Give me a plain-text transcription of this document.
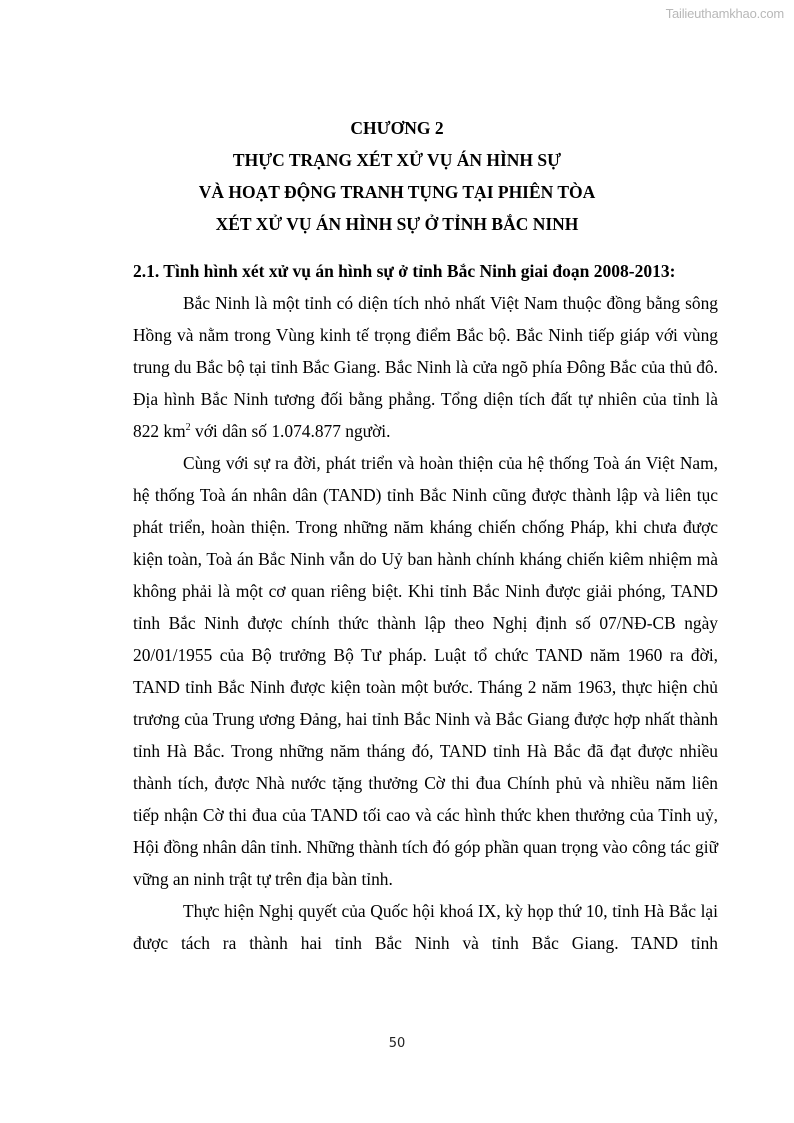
Tailieuthamkhao.com
CHƯƠNG 2
THỰC TRẠNG XÉT XỬ VỤ ÁN HÌNH SỰ
VÀ HOẠT ĐỘNG TRANH TỤNG TẠI PHIÊN TÒA
XÉT XỬ VỤ ÁN HÌNH SỰ Ở TỈNH BẮC NINH
2.1. Tình hình xét xử vụ án hình sự ở tỉnh Bắc Ninh giai đoạn 2008-2013:

Bắc Ninh là một tỉnh có diện tích nhỏ nhất Việt Nam thuộc đồng bằng sông Hồng và nằm trong Vùng kinh tế trọng điểm Bắc bộ. Bắc Ninh tiếp giáp với vùng trung du Bắc bộ tại tỉnh Bắc Giang. Bắc Ninh là cửa ngõ phía Đông Bắc của thủ đô. Địa hình Bắc Ninh tương đối bằng phẳng. Tổng diện tích đất tự nhiên của tỉnh là 822 $km^2$ với dân số 1.074.877 người.

Cùng với sự ra đời, phát triển và hoàn thiện của hệ thống Toà án Việt Nam, hệ thống Toà án nhân dân (TAND) tỉnh Bắc Ninh cũng được thành lập và liên tục phát triển, hoàn thiện. Trong những năm kháng chiến chống Pháp, khi chưa được kiện toàn, Toà án Bắc Ninh vẫn do Uỷ ban hành chính kháng chiến kiêm nhiệm mà không phải là một cơ quan riêng biệt. Khi tỉnh Bắc Ninh được giải phóng, TAND tỉnh Bắc Ninh được chính thức thành lập theo Nghị định số 07/NĐ-CB ngày 20/01/1955 của Bộ trưởng Bộ Tư pháp. Luật tổ chức TAND năm 1960 ra đời, TAND tỉnh Bắc Ninh được kiện toàn một bước. Tháng 2 năm 1963, thực hiện chủ trương của Trung ương Đảng, hai tỉnh Bắc Ninh và Bắc Giang được hợp nhất thành tỉnh Hà Bắc. Trong những năm tháng đó, TAND tỉnh Hà Bắc đã đạt được nhiều thành tích, được Nhà nước tặng thưởng Cờ thi đua Chính phủ và nhiều năm liên tiếp nhận Cờ thi đua của TAND tối cao và các hình thức khen thưởng của Tỉnh uỷ, Hội đồng nhân dân tỉnh. Những thành tích đó góp phần quan trọng vào công tác giữ vững an ninh trật tự trên địa bàn tỉnh.

Thực hiện Nghị quyết của Quốc hội khoá IX, kỳ họp thứ 10, tỉnh Hà Bắc lại được tách ra thành hai tỉnh Bắc Ninh và tỉnh Bắc Giang. TAND tỉnh

50
